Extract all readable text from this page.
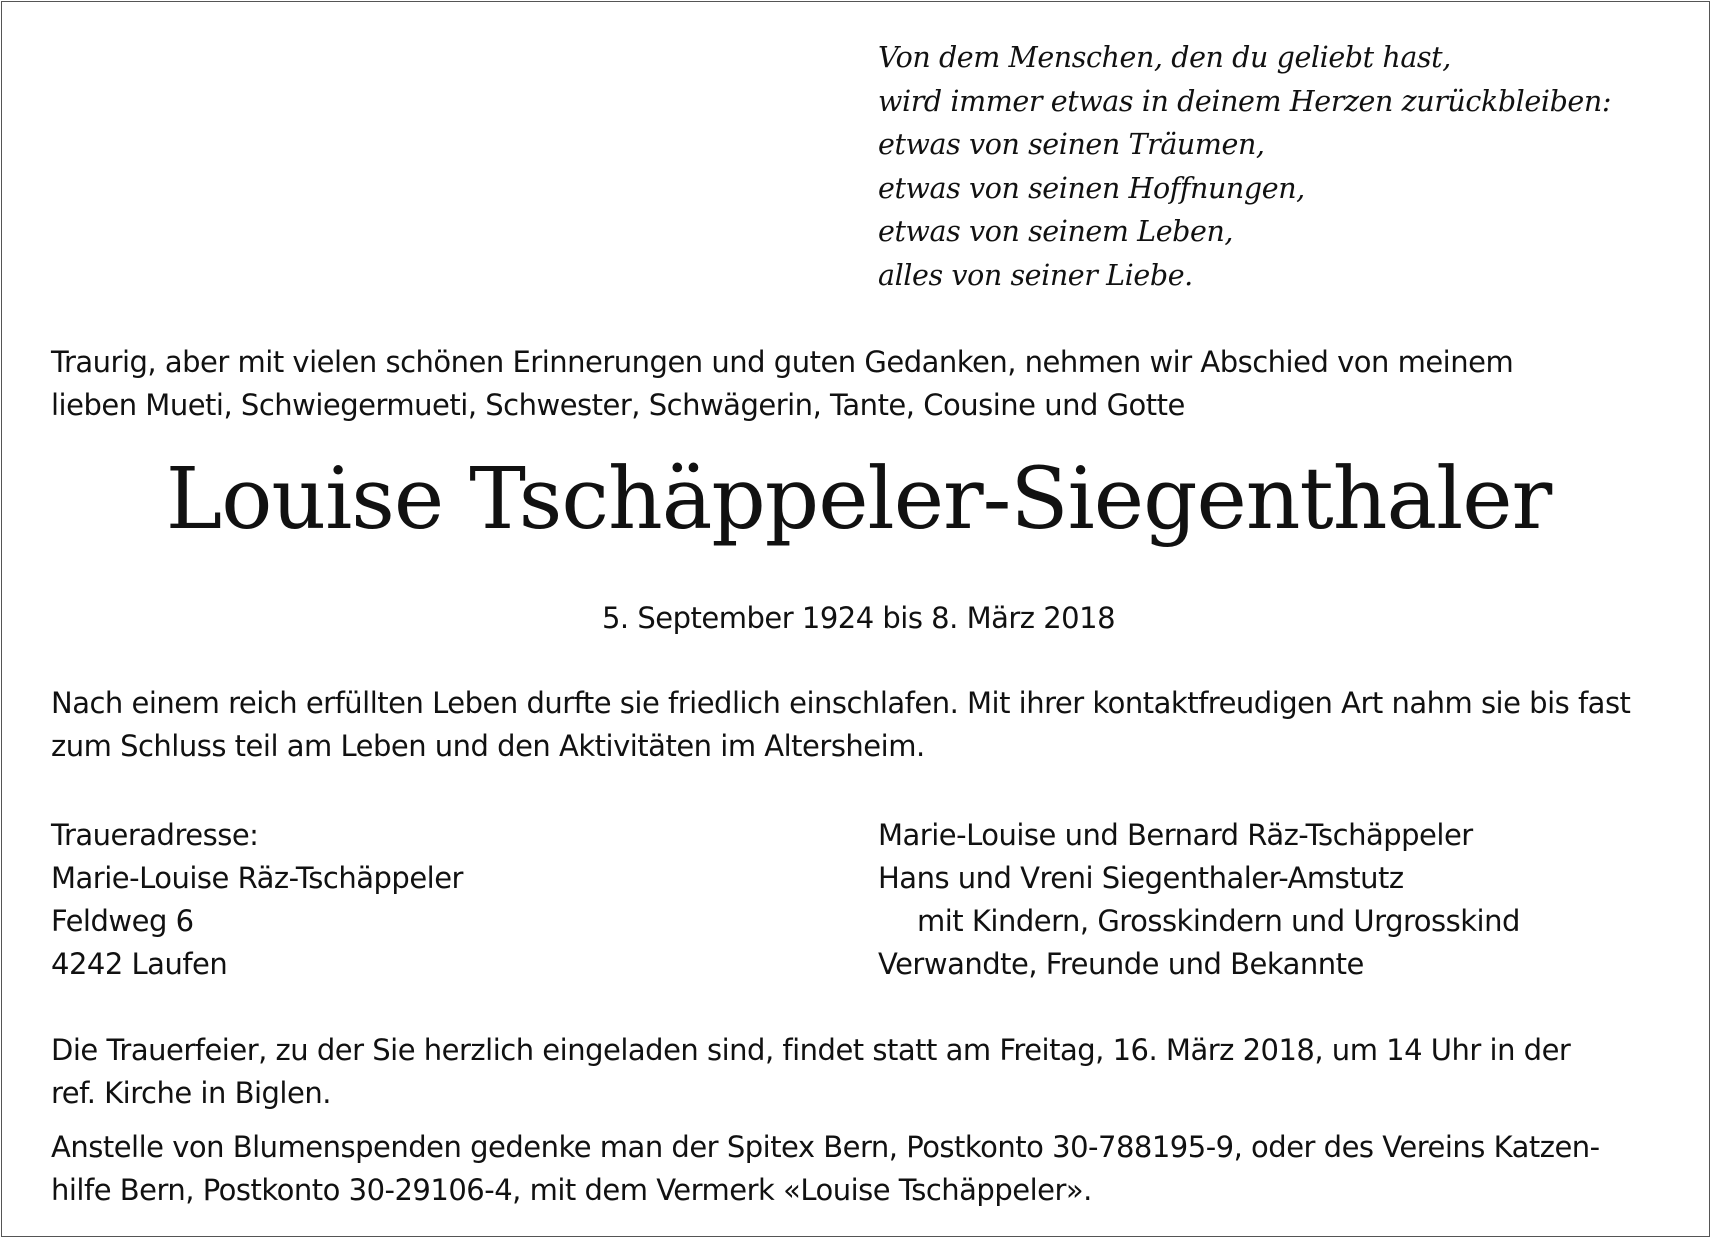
Von dem Menschen, den du geliebt hast,
wird immer etwas in deinem Herzen zurückbleiben:
etwas von seinen Träumen,
etwas von seinen Hoffnungen,
etwas von seinem Leben,
alles von seiner Liebe.
Traurig, aber mit vielen schönen Erinnerungen und guten Gedanken, nehmen wir Abschied von meinem
lieben Mueti, Schwiegermueti, Schwester, Schwägerin, Tante, Cousine und Gotte
Louise Tschäppeler-Siegenthaler
5. September 1924 bis 8. März 2018
Nach einem reich erfüllten Leben durfte sie friedlich einschlafen. Mit ihrer kontaktfreudigen Art nahm sie bis fast
zum Schluss teil am Leben und den Aktivitäten im Altersheim.
Traueradresse:
Marie-Louise Räz-Tschäppeler
Feldweg 6
4242 Laufen
Marie-Louise und Bernard Räz-Tschäppeler
Hans und Vreni Siegenthaler-Amstutz
mit Kindern, Grosskindern und Urgrosskind
Verwandte, Freunde und Bekannte
Die Trauerfeier, zu der Sie herzlich eingeladen sind, findet statt am Freitag, 16. März 2018, um 14 Uhr in der
ref. Kirche in Biglen.
Anstelle von Blumenspenden gedenke man der Spitex Bern, Postkonto 30-788195-9, oder des Vereins Katzen-
hilfe Bern, Postkonto 30-29106-4, mit dem Vermerk «Louise Tschäppeler».
